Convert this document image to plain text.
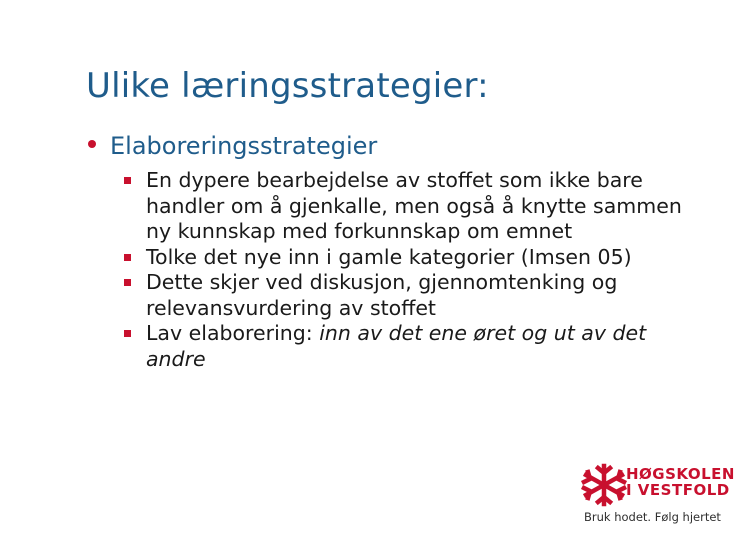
Ulike læringsstrategier:
Elaboreringsstrategier
En dypere bearbejdelse av stoffet som ikke bare handler om å gjenkalle, men også å knytte sammen ny kunnskap med forkunnskap om emnet
Tolke det nye inn i gamle kategorier (Imsen 05)
Dette skjer ved diskusjon, gjennomtenking og relevansvurdering av stoffet
Lav elaborering: inn av det ene øret og ut av det andre
HØGSKOLEN
I VESTFOLD
Bruk hodet. Følg hjertet
